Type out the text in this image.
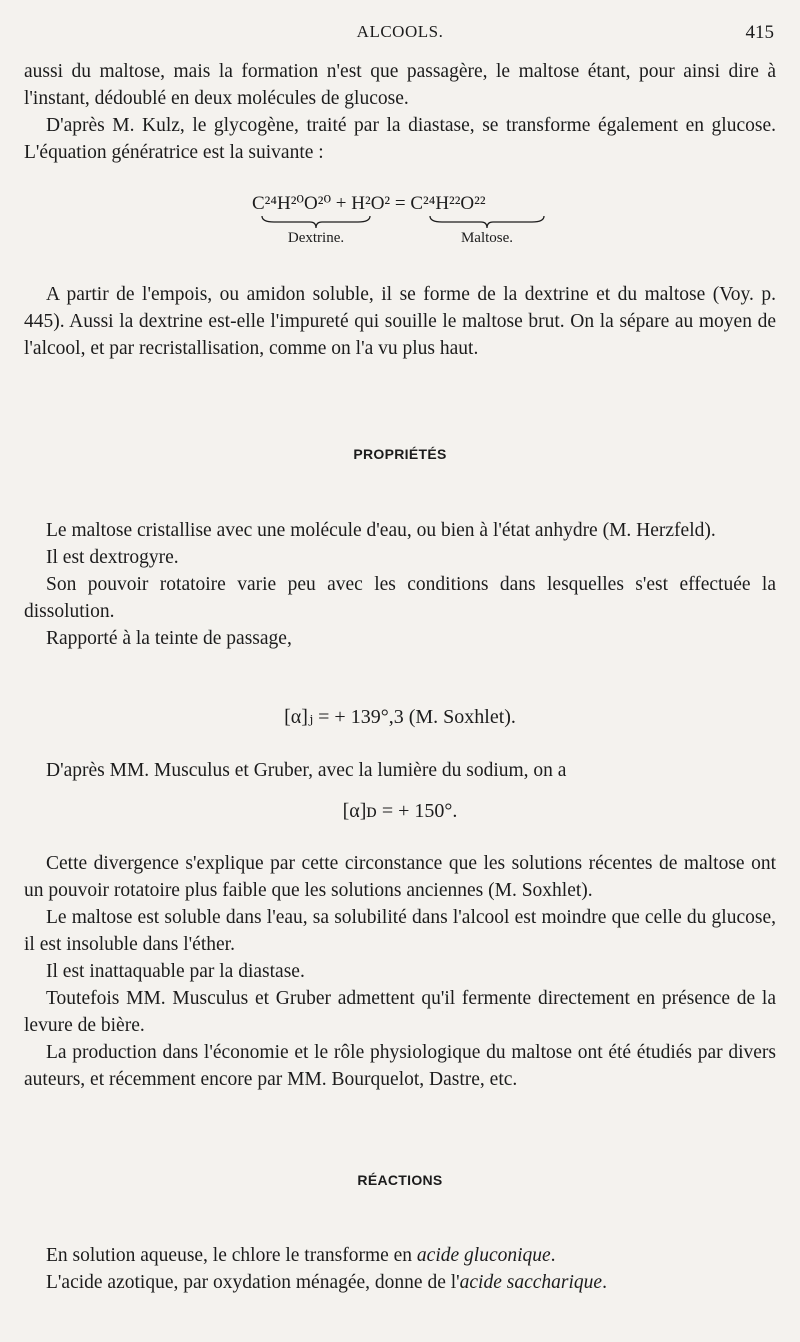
ALCOOLS.	415

aussi du maltose, mais la formation n'est que passagère, le maltose étant, pour ainsi dire à l'instant, dédoublé en deux molécules de glucose.

D'après M. Kulz, le glycogène, traité par la diastase, se transforme également en glucose. L'équation génératrice est la suivante :

C²⁴H²⁰O²⁰ + H²O² = C²⁴H²²O²²
Dextrine.	Maltose.

A partir de l'empois, ou amidon soluble, il se forme de la dextrine et du maltose (Voy. p. 445). Aussi la dextrine est-elle l'impureté qui souille le maltose brut. On la sépare au moyen de l'alcool, et par recristallisation, comme on l'a vu plus haut.

PROPRIÉTÉS

Le maltose cristallise avec une molécule d'eau, ou bien à l'état anhydre (M. Herzfeld).

Il est dextrogyre.

Son pouvoir rotatoire varie peu avec les conditions dans lesquelles s'est effectuée la dissolution.

Rapporté à la teinte de passage,

[α]ⱼ = + 139°,3 (M. Soxhlet).

D'après MM. Musculus et Gruber, avec la lumière du sodium, on a

[α]ᴅ = + 150°.

Cette divergence s'explique par cette circonstance que les solutions récentes de maltose ont un pouvoir rotatoire plus faible que les solutions anciennes (M. Soxhlet).

Le maltose est soluble dans l'eau, sa solubilité dans l'alcool est moindre que celle du glucose, il est insoluble dans l'éther.

Il est inattaquable par la diastase.

Toutefois MM. Musculus et Gruber admettent qu'il fermente directement en présence de la levure de bière.

La production dans l'économie et le rôle physiologique du maltose ont été étudiés par divers auteurs, et récemment encore par MM. Bourquelot, Dastre, etc.

RÉACTIONS

En solution aqueuse, le chlore le transforme en acide gluconique.

L'acide azotique, par oxydation ménagée, donne de l'acide saccharique.
